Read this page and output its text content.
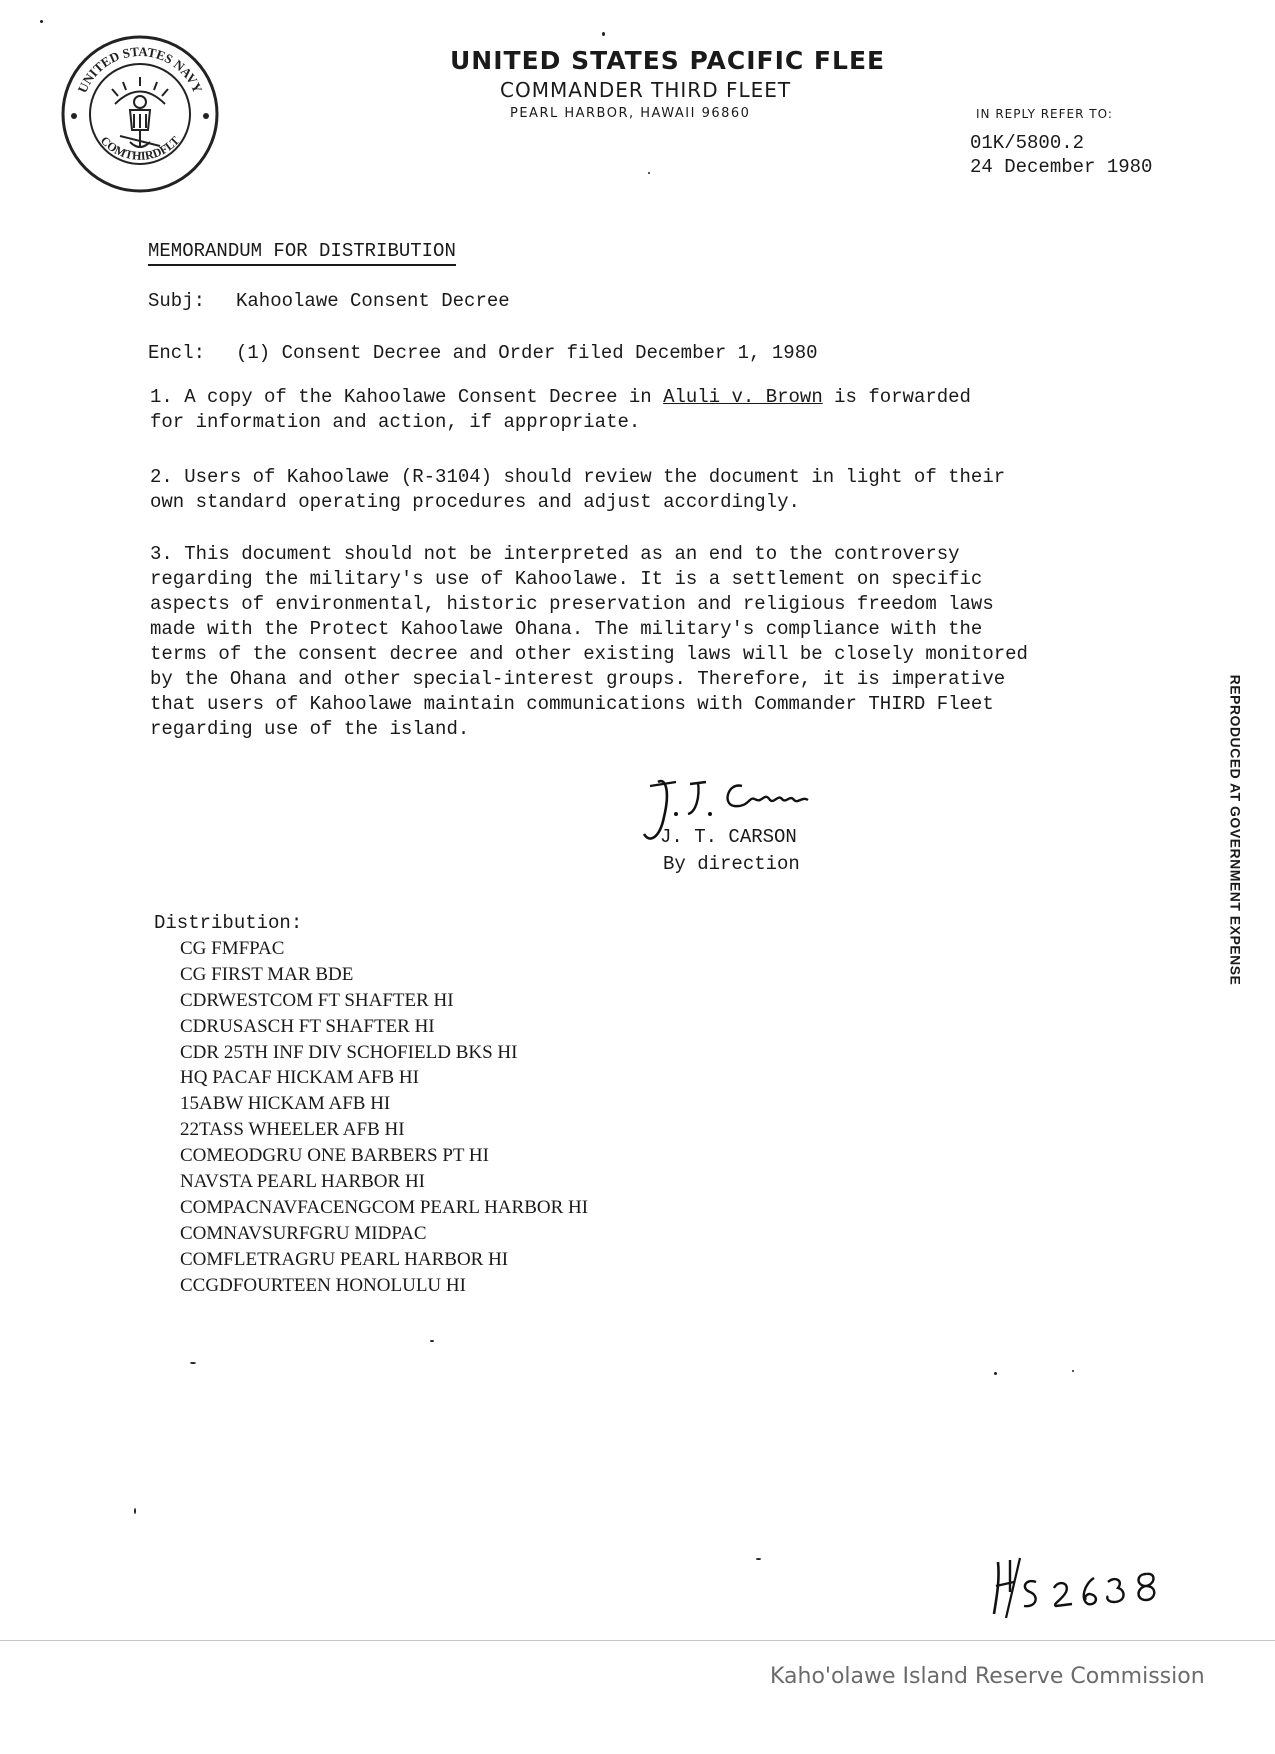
UNITED STATES NAVY
COMTHIRDFLT
UNITED STATES PACIFIC FLEE
COMMANDER THIRD FLEET
PEARL HARBOR, HAWAII 96860	IN REPLY REFER TO:
01K/5800.2
24 December 1980
MEMORANDUM FOR DISTRIBUTION
Subj: Kahoolawe Consent Decree
Encl: (1) Consent Decree and Order filed December 1, 1980
1. A copy of the Kahoolawe Consent Decree in Aluli v. Brown is forwarded
for information and action, if appropriate.
2. Users of Kahoolawe (R-3104) should review the document in light of their
own standard operating procedures and adjust accordingly.
3. This document should not be interpreted as an end to the controversy
regarding the military's use of Kahoolawe. It is a settlement on specific
aspects of environmental, historic preservation and religious freedom laws
made with the Protect Kahoolawe Ohana. The military's compliance with the
terms of the consent decree and other existing laws will be closely monitored
by the Ohana and other special-interest groups. Therefore, it is imperative
that users of Kahoolawe maintain communications with Commander THIRD Fleet
regarding use of the island.
J. T. CARSON
By direction
Distribution:
CG FMFPAC
CG FIRST MAR BDE
CDRWESTCOM FT SHAFTER HI
CDRUSASCH FT SHAFTER HI
CDR 25TH INF DIV SCHOFIELD BKS HI
HQ PACAF HICKAM AFB HI
15ABW HICKAM AFB HI
22TASS WHEELER AFB HI
COMEODGRU ONE BARBERS PT HI
NAVSTA PEARL HARBOR HI
COMPACNAVFACENGCOM PEARL HARBOR HI
COMNAVSURFGRU MIDPAC
COMFLETRAGRU PEARL HARBOR HI
CCGDFOURTEEN HONOLULU HI
REPRODUCED AT GOVERNMENT EXPENSE
Kaho'olawe Island Reserve Commission
